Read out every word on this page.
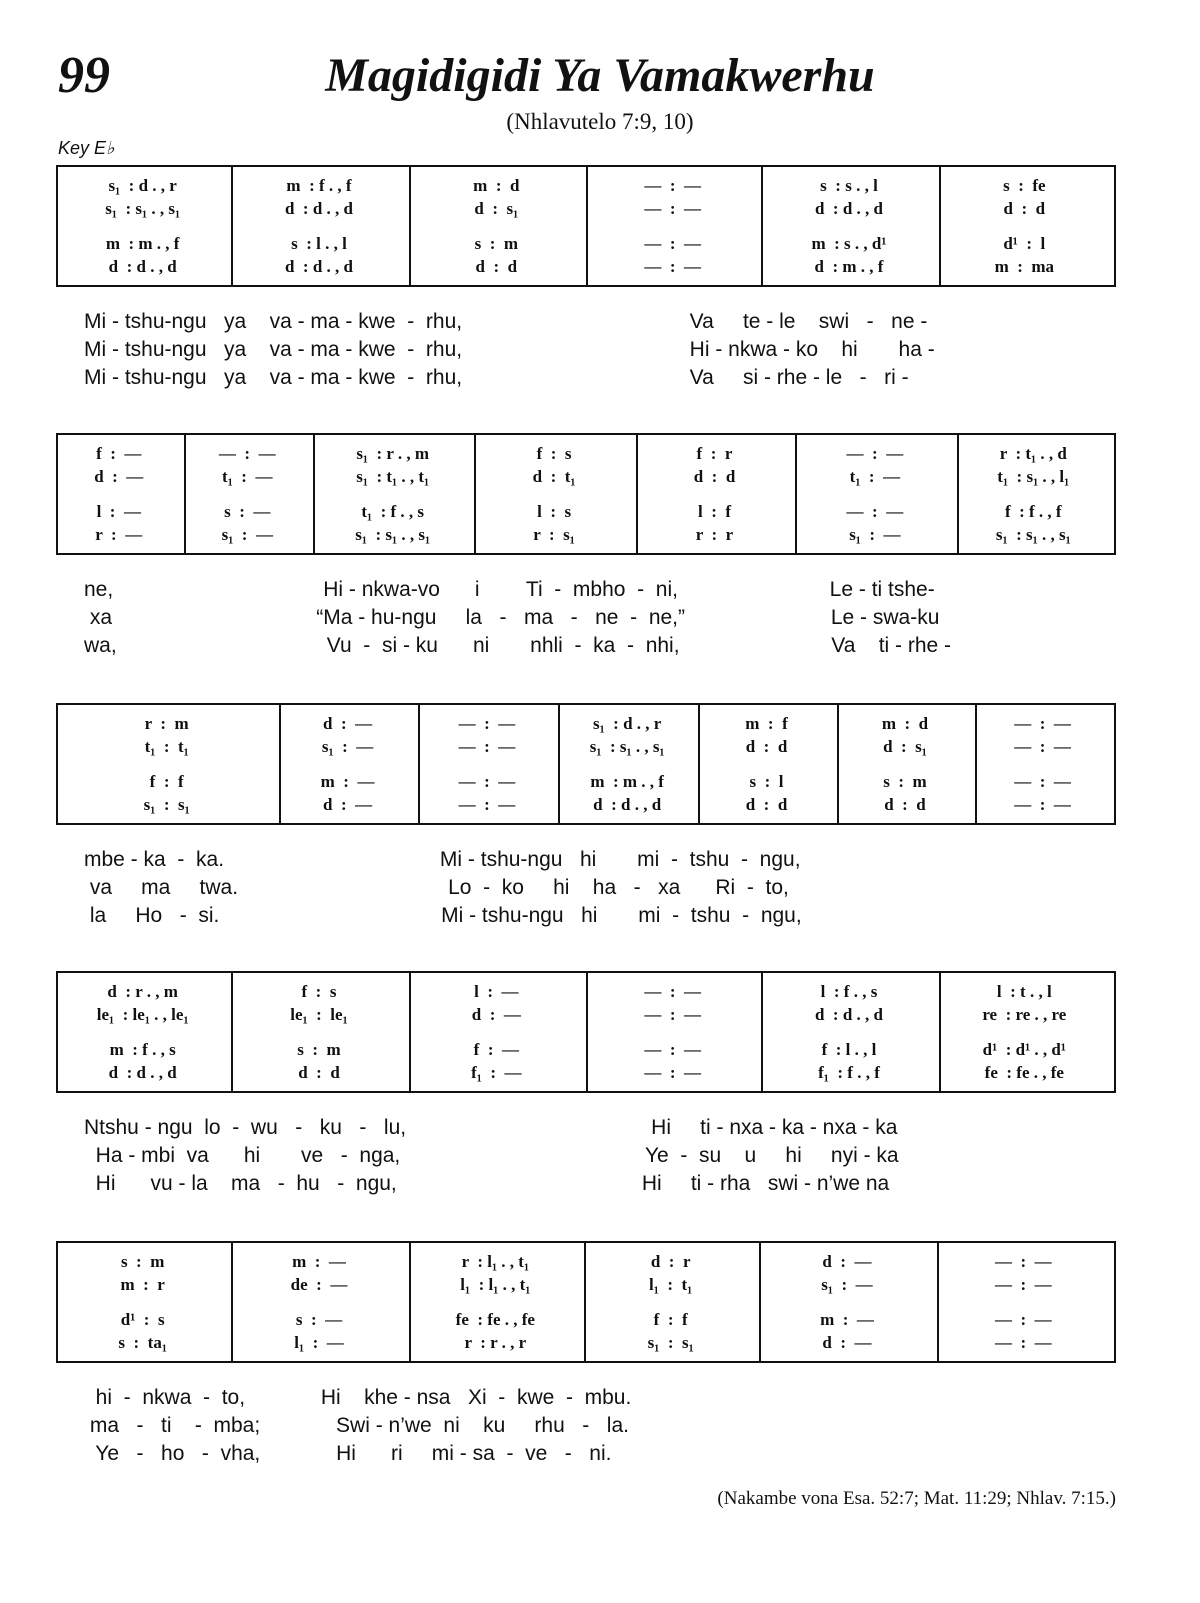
99	Magidigidi Ya Vamakwerhu
(Nhlavutelo 7:9, 10)
Key E♭
s₁  : d . , r
s₁  : s₁ . , s₁
m  : m . , f
d  : d . , d
m  : f . , f
d  : d . , d
s  : l . , l
d  : d . , d
m  :  d
d  :  s₁
s  :  m
d  :  d
—  :  —
—  :  —
—  :  —
—  :  —
s  : s . , l
d  : d . , d
m  : s . , d¹
d  : m . , f
s  :  fe
d  :  d
d¹  :  l
m  :  ma
Mi - tshu-ngu   ya    va - ma - kwe  -  rhu,                                       Va     te - le    swi   -   ne -
Mi - tshu-ngu   ya    va - ma - kwe  -  rhu,                                       Hi - nkwa - ko    hi       ha -
Mi - tshu-ngu   ya    va - ma - kwe  -  rhu,                                       Va     si - rhe - le   -   ri -
f  :  —
d  :  —
l  :  —
r  :  —
—  :  —
t₁  :  —
s  :  —
s₁  :  —
s₁  : r . , m
s₁  : t₁ . , t₁
t₁  : f . , s
s₁  : s₁ . , s₁
f  :  s
d  :  t₁
l  :  s
r  :  s₁
f  :  r
d  :  d
l  :  f
r  :  r
—  :  —
t₁  :  —
—  :  —
s₁  :  —
r  : t₁ . , d
t₁  : s₁ . , l₁
f  : f . , f
s₁  : s₁ . , s₁
ne,                                    Hi - nkwa-vo      i        Ti  -  mbho  -  ni,                          Le - ti tshe-
xa                                   “Ma - hu-ngu     la   -   ma   -   ne  -  ne,”                         Le - swa-ku
wa,                                    Vu  -  si - ku      ni       nhli  -  ka  -  nhi,                          Va    ti - rhe -
r  :  m
t₁  :  t₁
f  :  f
s₁  :  s₁
d  :  —
s₁  :  —
m  :  —
d  :  —
—  :  —
—  :  —
—  :  —
—  :  —
s₁  : d . , r
s₁  : s₁ . , s₁
m  : m . , f
d  : d . , d
m  :  f
d  :  d
s  :  l
d  :  d
m  :  d
d  :  s₁
s  :  m
d  :  d
—  :  —
—  :  —
—  :  —
—  :  —
mbe - ka  -  ka.                                     Mi - tshu-ngu   hi       mi  -  tshu  -  ngu,
va     ma     twa.                                    Lo  -  ko     hi    ha   -   xa      Ri  -  to,
la     Ho   -  si.                                      Mi - tshu-ngu   hi       mi  -  tshu  -  ngu,
d  : r . , m
le₁  : le₁ . , le₁
m  : f . , s
d  : d . , d
f  :  s
le₁  :  le₁
s  :  m
d  :  d
l  :  —
d  :  —
f  :  —
f₁  :  —
—  :  —
—  :  —
—  :  —
—  :  —
l  : f . , s
d  : d . , d
f  : l . , l
f₁  : f . , f
l  : t . , l
re  : re . , re
d¹  : d¹ . , d¹
fe  : fe . , fe
Ntshu - ngu  lo  -  wu   -   ku   -   lu,                                          Hi     ti - nxa - ka - nxa - ka
Ha - mbi  va      hi       ve   -  nga,                                          Ye  -  su    u     hi     nyi - ka
Hi      vu - la    ma   -  hu   -  ngu,                                          Hi     ti - rha   swi - n’we na
s  :  m
m  :  r
d¹  :  s
s  :  ta₁
m  :  —
de  :  —
s  :  —
l₁  :  —
r  : l₁ . , t₁
l₁  : l₁ . , t₁
fe  : fe . , fe
r  : r . , r
d  :  r
l₁  :  t₁
f  :  f
s₁  :  s₁
d  :  —
s₁  :  —
m  :  —
d  :  —
—  :  —
—  :  —
—  :  —
—  :  —
hi  -  nkwa  -  to,             Hi    khe - nsa   Xi  -  kwe  -  mbu.
ma   -   ti    -  mba;             Swi - n’we  ni    ku     rhu   -   la.
Ye   -   ho   -  vha,             Hi      ri     mi - sa  -  ve   -   ni.
(Nakambe vona Esa. 52:7; Mat. 11:29; Nhlav. 7:15.)
